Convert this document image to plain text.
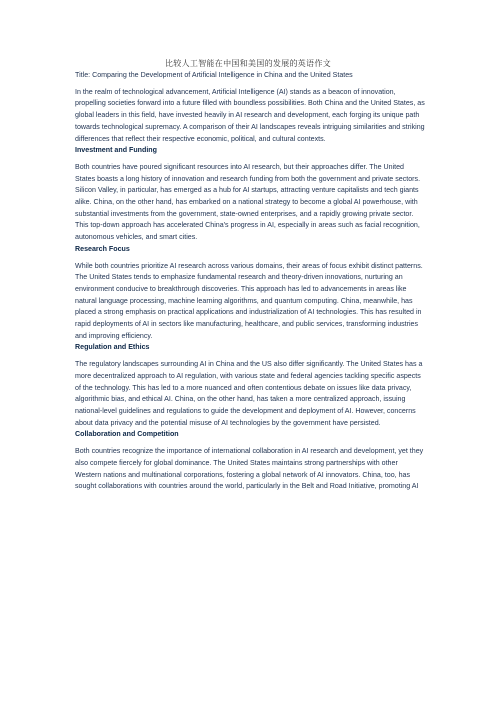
比较人工智能在中国和美国的发展的英语作文
Title: Comparing the Development of Artificial Intelligence in China and the United States

In the realm of technological advancement, Artificial Intelligence (AI) stands as a beacon of innovation, propelling societies forward into a future filled with boundless possibilities. Both China and the United States, as global leaders in this field, have invested heavily in AI research and development, each forging its unique path towards technological supremacy. A comparison of their AI landscapes reveals intriguing similarities and striking differences that reflect their respective economic, political, and cultural contexts.

Investment and Funding

Both countries have poured significant resources into AI research, but their approaches differ. The United States boasts a long history of innovation and research funding from both the government and private sectors. Silicon Valley, in particular, has emerged as a hub for AI startups, attracting venture capitalists and tech giants alike. China, on the other hand, has embarked on a national strategy to become a global AI powerhouse, with substantial investments from the government, state-owned enterprises, and a rapidly growing private sector. This top-down approach has accelerated China's progress in AI, especially in areas such as facial recognition, autonomous vehicles, and smart cities.

Research Focus

While both countries prioritize AI research across various domains, their areas of focus exhibit distinct patterns. The United States tends to emphasize fundamental research and theory-driven innovations, nurturing an environment conducive to breakthrough discoveries. This approach has led to advancements in areas like natural language processing, machine learning algorithms, and quantum computing. China, meanwhile, has placed a strong emphasis on practical applications and industrialization of AI technologies. This has resulted in rapid deployments of AI in sectors like manufacturing, healthcare, and public services, transforming industries and improving efficiency.

Regulation and Ethics

The regulatory landscapes surrounding AI in China and the US also differ significantly. The United States has a more decentralized approach to AI regulation, with various state and federal agencies tackling specific aspects of the technology. This has led to a more nuanced and often contentious debate on issues like data privacy, algorithmic bias, and ethical AI. China, on the other hand, has taken a more centralized approach, issuing national-level guidelines and regulations to guide the development and deployment of AI. However, concerns about data privacy and the potential misuse of AI technologies by the government have persisted.

Collaboration and Competition

Both countries recognize the importance of international collaboration in AI research and development, yet they also compete fiercely for global dominance. The United States maintains strong partnerships with other Western nations and multinational corporations, fostering a global network of AI innovators. China, too, has sought collaborations with countries around the world, particularly in the Belt and Road Initiative, promoting AI
